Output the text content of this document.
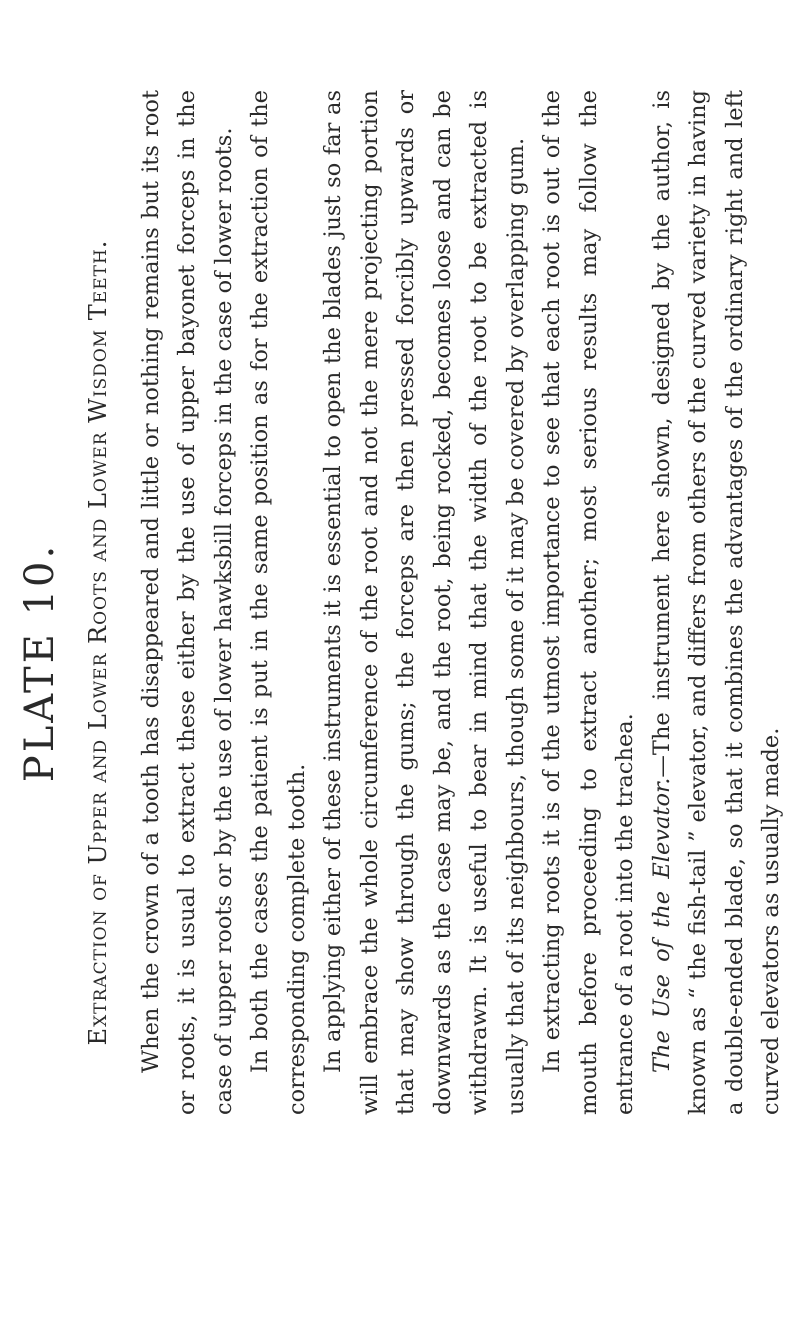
PLATE 10. Extraction of Upper and Lower Roots and Lower Wisdom Teeth. When the crown of a tooth has disappeared and little or nothing remains but its root or roots, it is usual to extract these either by the use of upper bayonet forceps in the case of upper roots or by the use of lower hawksbill forceps in the case of lower roots. In both the cases the patient is put in the same position as for the extraction of the corresponding complete tooth. In applying either of these instruments it is essential to open the blades just so far as will embrace the whole circumference of the root and not the mere projecting portion that may show through the gums; the forceps are then pressed forcibly upwards or downwards as the case may be, and the root, being rocked, becomes loose and can be withdrawn. It is useful to bear in mind that the width of the root to be extracted is usually that of its neighbours, though some of it may be covered by overlapping gum. In extracting roots it is of the utmost importance to see that each root is out of the mouth before proceeding to extract another; most serious results may follow the entrance of a root into the trachea. The Use of the Elevator.—The instrument here shown, designed by the author, is known as “ the fish-tail ” elevator, and differs from others of the curved variety in having a double-ended blade, so that it combines the advantages of the ordinary right and left curved elevators as usually made.
